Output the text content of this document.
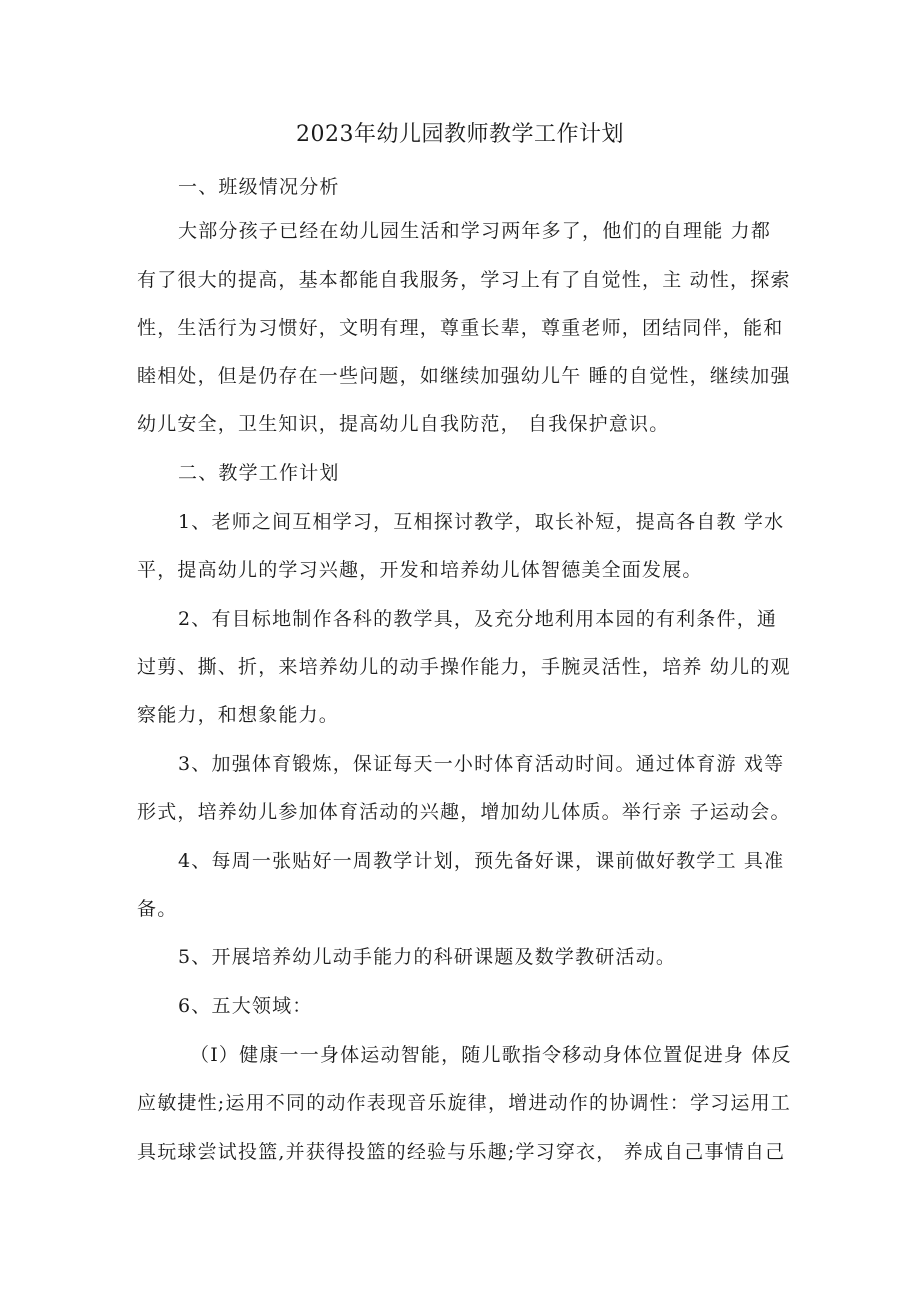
2023年幼儿园教师教学工作计划
一、班级情况分析
大部分孩子已经在幼儿园生活和学习两年多了，他们的自理能 力都
有了很大的提高，基本都能自我服务，学习上有了自觉性，主 动性，探索
性，生活行为习惯好，文明有理，尊重长辈，尊重老师，团结同伴，能和
睦相处，但是仍存在一些问题，如继续加强幼儿午 睡的自觉性，继续加强
幼儿安全，卫生知识，提高幼儿自我防范， 自我保护意识。
二、教学工作计划
1、老师之间互相学习，互相探讨教学，取长补短，提高各自教 学水
平，提高幼儿的学习兴趣，开发和培养幼儿体智德美全面发展。
2、有目标地制作各科的教学具，及充分地利用本园的有利条件，通
过剪、撕、折，来培养幼儿的动手操作能力，手腕灵活性，培养 幼儿的观
察能力，和想象能力。
3、加强体育锻炼，保证每天一小时体育活动时间。通过体育游 戏等
形式，培养幼儿参加体育活动的兴趣，增加幼儿体质。举行亲 子运动会。
4、每周一张贴好一周教学计划，预先备好课，课前做好教学工 具准
备。
5、开展培养幼儿动手能力的科研课题及数学教研活动。
6、五大领域：
（I）健康一一身体运动智能，随儿歌指令移动身体位置促进身 体反
应敏捷性;运用不同的动作表现音乐旋律，增进动作的协调性：学习运用工
具玩球尝试投篮,并获得投篮的经验与乐趣;学习穿衣， 养成自己事情自己
